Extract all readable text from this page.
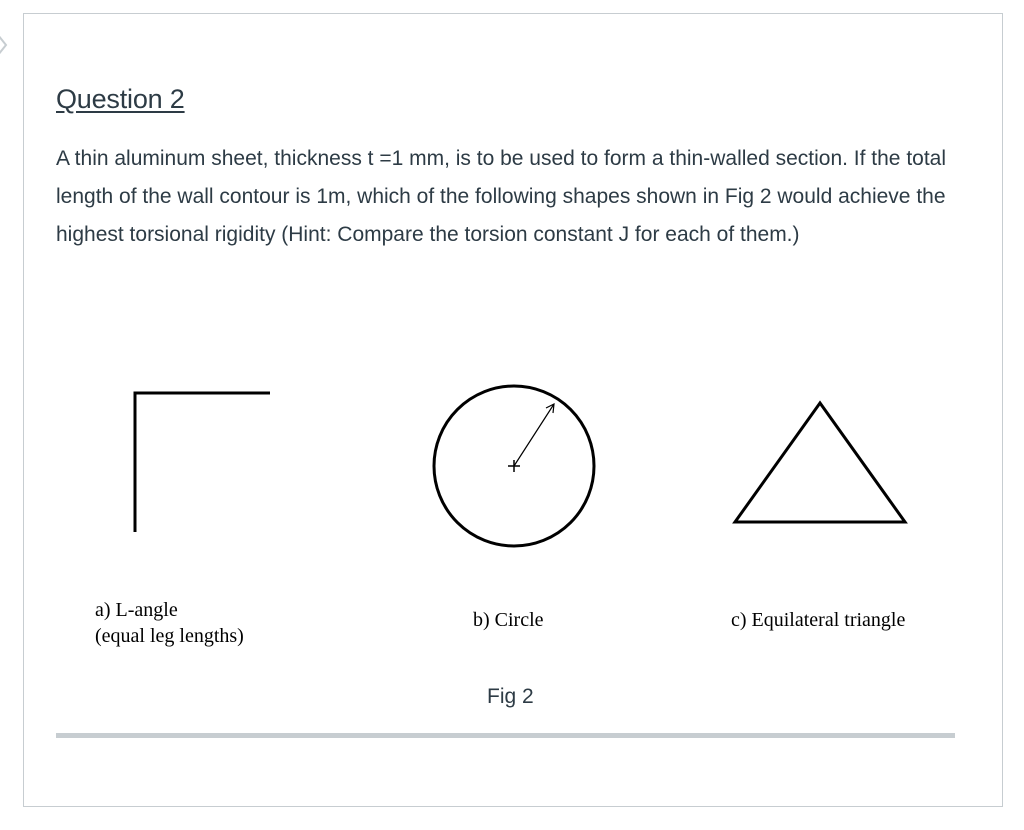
Question 2

A thin aluminum sheet, thickness t =1 mm, is to be used to form a thin-walled section. If the total length of the wall contour is 1m, which of the following shapes shown in Fig 2 would achieve the highest torsional rigidity (Hint: Compare the torsion constant J for each of them.)

a) L-angle
(equal leg lengths)
b) Circle	c) Equilateral triangle

Fig 2
